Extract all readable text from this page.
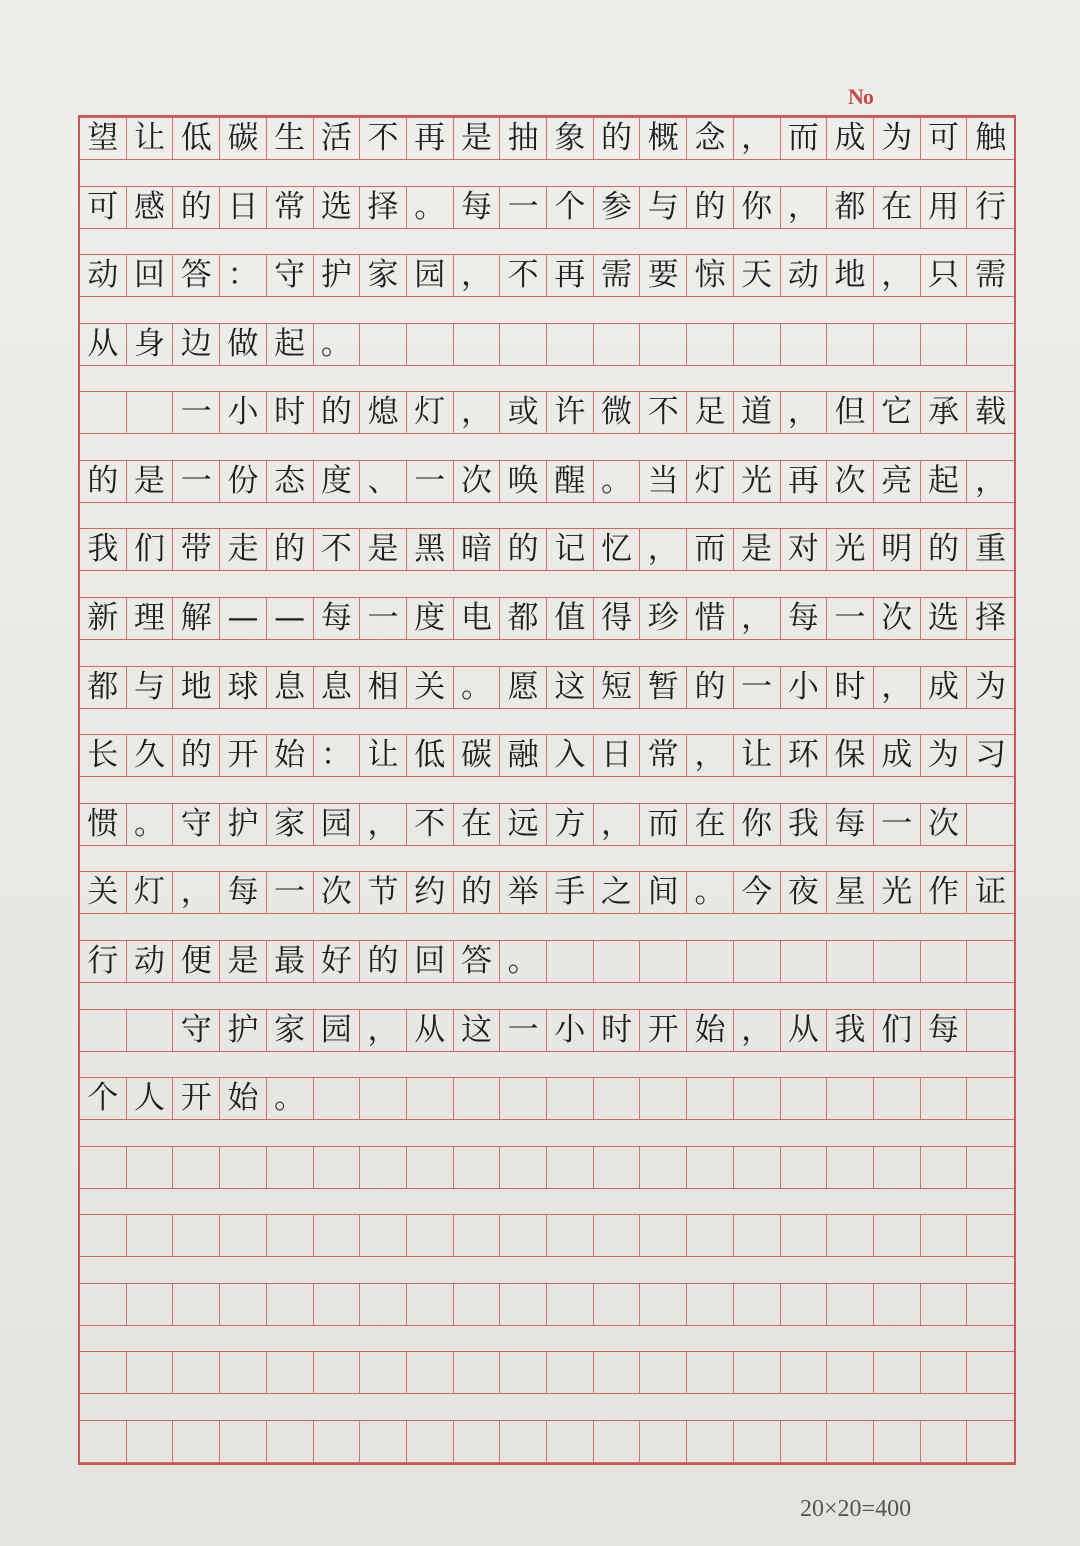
No
望 让 低 碳 生 活 不 再 是 抽 象 的 概 念 ， 而 成 为 可 触
可 感 的 日 常 选 择 。 每 一 个 参 与 的 你 ， 都 在 用 行
动 回 答 ： 守 护 家 园 ， 不 再 需 要 惊 天 动 地 ， 只 需
从 身 边 做 起 。
一 小 时 的 熄 灯 ， 或 许 微 不 足 道 ， 但 它 承 载
的 是 一 份 态 度 、 一 次 唤 醒 。 当 灯 光 再 次 亮 起 ，
我 们 带 走 的 不 是 黑 暗 的 记 忆 ， 而 是 对 光 明 的 重
新 理 解 — — 每 一 度 电 都 值 得 珍 惜 ， 每 一 次 选 择
都 与 地 球 息 息 相 关 。 愿 这 短 暂 的 一 小 时 ， 成 为
长 久 的 开 始 ： 让 低 碳 融 入 日 常 ， 让 环 保 成 为 习
惯 。 守 护 家 园 ， 不 在 远 方 ， 而 在 你 我 每 一 次
关 灯 ， 每 一 次 节 约 的 举 手 之 间 。 今 夜 星 光 作 证
行 动 便 是 最 好 的 回 答 。
守 护 家 园 ， 从 这 一 小 时 开 始 ， 从 我 们 每
个 人 开 始 。
20×20=400
